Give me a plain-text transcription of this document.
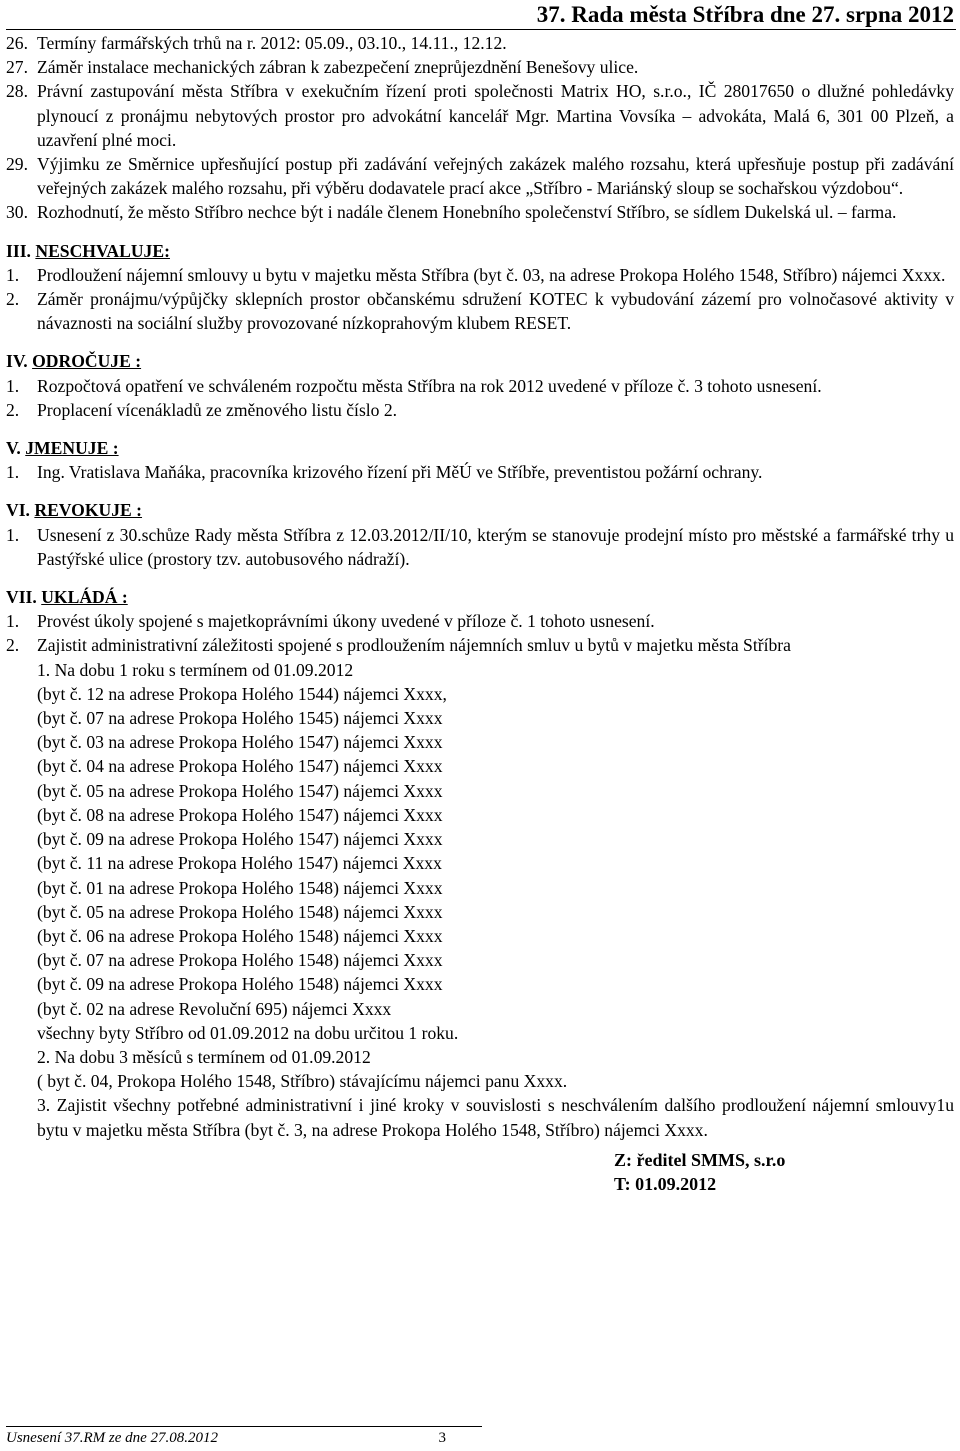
37. Rada města Stříbra dne 27. srpna 2012
26. Termíny farmářských trhů na r. 2012: 05.09., 03.10., 14.11., 12.12.
27. Záměr instalace mechanických zábran k zabezpečení zneprůjezdnění Benešovy ulice.
28. Právní zastupování města Stříbra v exekučním řízení proti společnosti Matrix HO, s.r.o., IČ 28017650 o dlužné pohledávky plynoucí z pronájmu nebytových prostor pro advokátní kancelář Mgr. Martina Vovsíka – advokáta, Malá 6, 301 00 Plzeň, a uzavření plné moci.
29. Výjimku ze Směrnice upřesňující postup při zadávání veřejných zakázek malého rozsahu, která upřesňuje postup při zadávání veřejných zakázek malého rozsahu, při výběru dodavatele prací akce „Stříbro - Mariánský sloup se sochařskou výzdobou“.
30. Rozhodnutí, že město Stříbro nechce být i nadále členem Honebního společenství Stříbro, se sídlem Dukelská ul. – farma.
III. NESCHVALUJE:
1.	Prodloužení nájemní smlouvy u bytu v majetku města Stříbra (byt č. 03, na adrese Prokopa Holého 1548, Stříbro) nájemci Xxxx.
2.	Záměr pronájmu/výpůjčky sklepních prostor občanskému sdružení KOTEC k vybudování zázemí pro volnočasové aktivity v návaznosti na sociální služby provozované nízkoprahovým klubem RESET.
IV. ODROČUJE :
1.	Rozpočtová opatření ve schváleném rozpočtu města Stříbra na rok 2012 uvedené v příloze č. 3 tohoto usnesení.
2.	Proplacení vícenákladů ze změnového listu číslo 2.
V. JMENUJE :
1.	Ing. Vratislava Maňáka, pracovníka krizového řízení při MěÚ ve Stříbře, preventistou požární ochrany.
VI. REVOKUJE :
1.	Usnesení z 30.schůze Rady města Stříbra z 12.03.2012/II/10, kterým se stanovuje prodejní místo pro městské a farmářské trhy u Pastýřské ulice (prostory tzv. autobusového nádraží).
VII. UKLÁDÁ :
1.	Provést úkoly spojené s majetkoprávními úkony uvedené v příloze č. 1 tohoto usnesení.
2.	Zajistit administrativní záležitosti spojené s prodloužením nájemních smluv u bytů v majetku města Stříbra
1. Na dobu 1 roku s termínem od 01.09.2012
(byt č. 12 na adrese Prokopa Holého 1544) nájemci Xxxx,
(byt č. 07 na adrese Prokopa Holého 1545) nájemci Xxxx
(byt č. 03 na adrese Prokopa Holého 1547) nájemci Xxxx
(byt č. 04 na adrese Prokopa Holého 1547) nájemci Xxxx
(byt č. 05 na adrese Prokopa Holého 1547) nájemci Xxxx
(byt č. 08 na adrese Prokopa Holého 1547) nájemci Xxxx
(byt č. 09 na adrese Prokopa Holého 1547) nájemci Xxxx
(byt č. 11 na adrese Prokopa Holého 1547) nájemci Xxxx
(byt č. 01 na adrese Prokopa Holého 1548) nájemci Xxxx
(byt č. 05 na adrese Prokopa Holého 1548) nájemci Xxxx
(byt č. 06 na adrese Prokopa Holého 1548) nájemci Xxxx
(byt č. 07 na adrese Prokopa Holého 1548) nájemci Xxxx
(byt č. 09 na adrese Prokopa Holého 1548) nájemci Xxxx
(byt č. 02 na adrese Revoluční 695) nájemci Xxxx
všechny byty Stříbro od 01.09.2012 na dobu určitou 1 roku.
2. Na dobu 3 měsíců s termínem od 01.09.2012
( byt č. 04, Prokopa Holého 1548, Stříbro) stávajícímu nájemci panu Xxxx.
3. Zajistit všechny potřebné administrativní i jiné kroky v souvislosti s neschválením dalšího prodloužení nájemní smlouvy1u bytu v majetku města Stříbra (byt č. 3, na adrese Prokopa Holého 1548, Stříbro) nájemci Xxxx.
Z: ředitel SMMS, s.r.o
T: 01.09.2012
Usnesení 37.RM ze dne 27.08.2012	3
